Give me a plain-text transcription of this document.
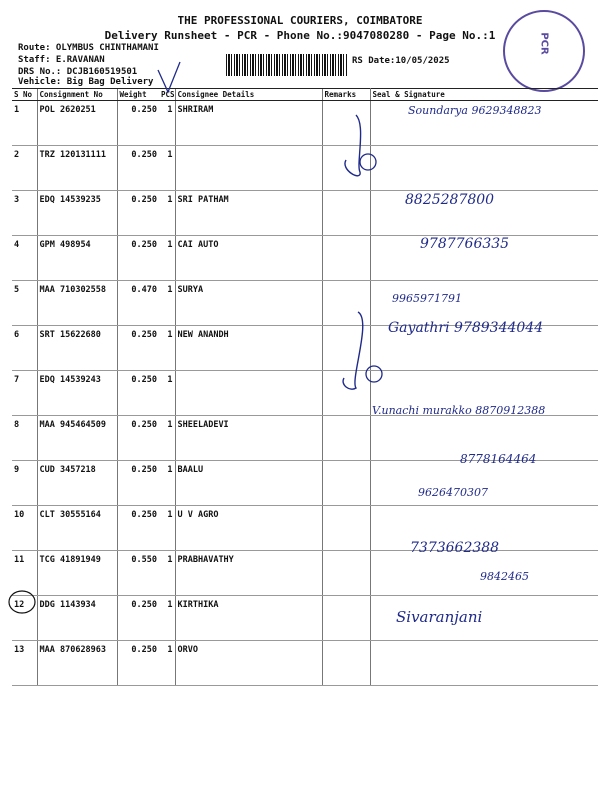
THE PROFESSIONAL COURIERS, COIMBATORE
Delivery Runsheet - PCR - Phone No.:9047080280 - Page No.:1
Route: OLYMBUS CHINTHAMANI
Staff: E.RAVANAN
DRS No.: DCJB160519501
Vehicle: Big Bag Delivery
RS Date:10/05/2025
PCR
S No	Consignment No	Weight	PCS	Consignee Details	Remarks	Seal & Signature
1	POL 2620251	0.250	1	SHRIRAM		
2	TRZ 120131111	0.250	1			
3	EDQ 14539235	0.250	1	SRI PATHAM		
4	GPM 498954	0.250	1	CAI AUTO		
5	MAA 710302558	0.470	1	SURYA		
6	SRT 15622680	0.250	1	NEW ANANDH		
7	EDQ 14539243	0.250	1			
8	MAA 945464509	0.250	1	SHEELADEVI		
9	CUD 3457218	0.250	1	BAALU		
10	CLT 30555164	0.250	1	U V AGRO		
11	TCG 41891949	0.550	1	PRABHAVATHY		
12	DDG 1143934	0.250	1	KIRTHIKA		
13	MAA 870628963	0.250	1	ORVO		
Soundarya 9629348823
8825287800
9787766335
9965971791
Gayathri 9789344044
V.unachi murakko 8870912388
8778164464
9626470307
7373662388
9842465
Sivaranjani
